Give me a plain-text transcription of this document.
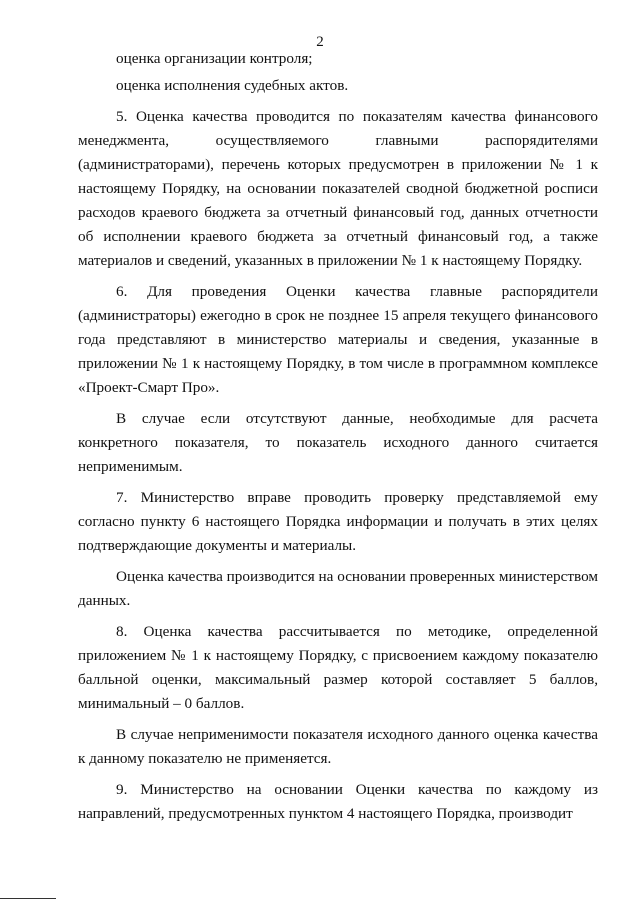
2

оценка организации контроля;

оценка исполнения судебных актов.

5. Оценка качества проводится по показателям качества финансового менеджмента, осуществляемого главными распорядителями (администраторами), перечень которых предусмотрен в приложении № 1 к настоящему Порядку, на основании показателей сводной бюджетной росписи расходов краевого бюджета за отчетный финансовый год, данных отчетности об исполнении краевого бюджета за отчетный финансовый год, а также материалов и сведений, указанных в приложении № 1 к настоящему Порядку.

6. Для проведения Оценки качества главные распорядители (администраторы) ежегодно в срок не позднее 15 апреля текущего финансового года представляют в министерство материалы и сведения, указанные в приложении № 1 к настоящему Порядку, в том числе в программном комплексе «Проект-Смарт Про».

В случае если отсутствуют данные, необходимые для расчета конкретного показателя, то показатель исходного данного считается неприменимым.

7. Министерство вправе проводить проверку представляемой ему согласно пункту 6 настоящего Порядка информации и получать в этих целях подтверждающие документы и материалы.

Оценка качества производится на основании проверенных министерством данных.

8. Оценка качества рассчитывается по методике, определенной приложением № 1 к настоящему Порядку, с присвоением каждому показателю балльной оценки, максимальный размер которой составляет 5 баллов, минимальный – 0 баллов.

В случае неприменимости показателя исходного данного оценка качества к данному показателю не применяется.

9. Министерство на основании Оценки качества по каждому из направлений, предусмотренных пунктом 4 настоящего Порядка, производит
